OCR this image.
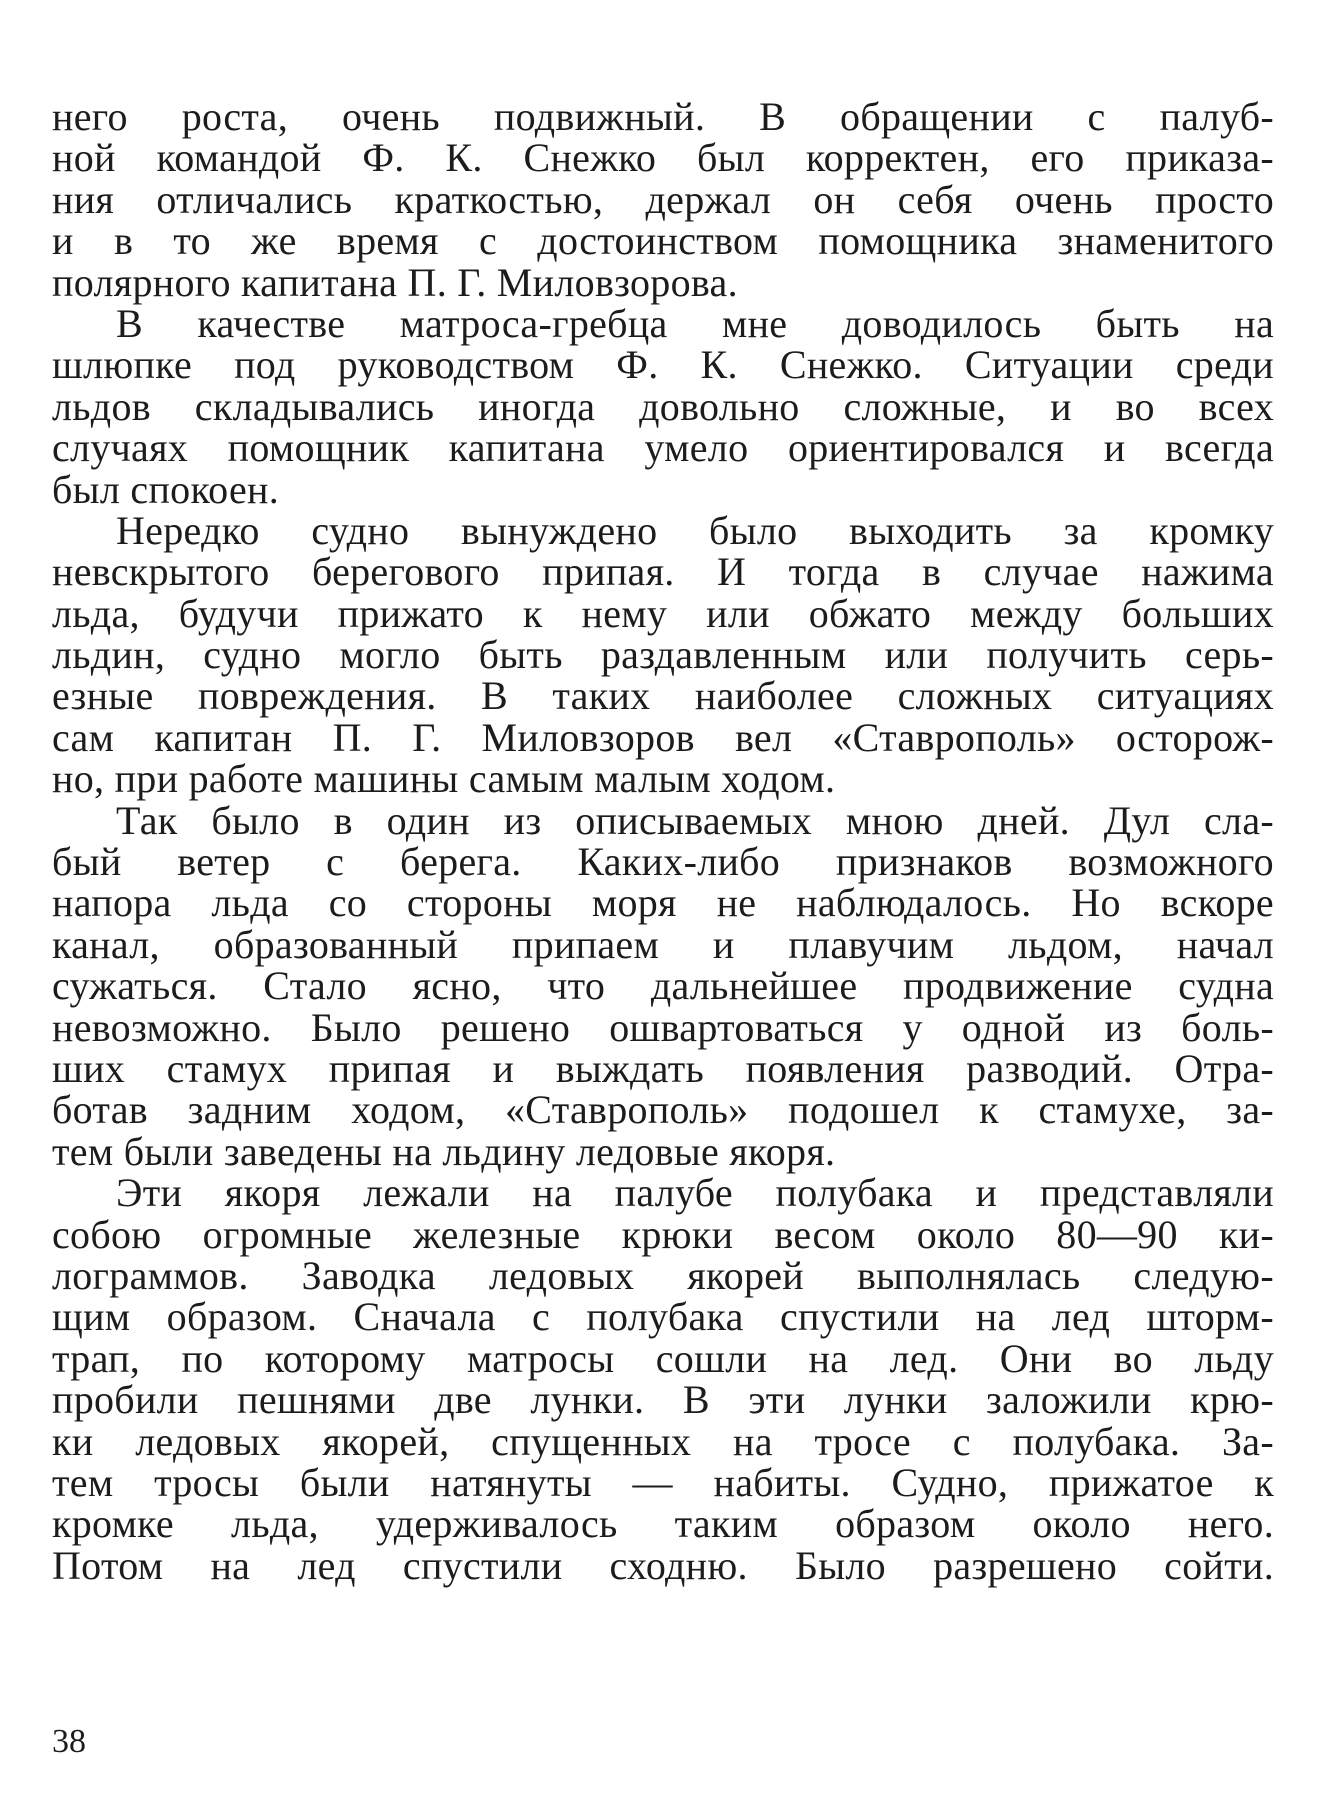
него роста, очень подвижный. В обращении с палуб-
ной командой Ф. К. Снежко был корректен, его приказа-
ния отличались краткостью, держал он себя очень просто
и в то же время с достоинством помощника знаменитого
полярного капитана П. Г. Миловзорова.
В качестве матроса-гребца мне доводилось быть на
шлюпке под руководством Ф. К. Снежко. Ситуации среди
льдов складывались иногда довольно сложные, и во всех
случаях помощник капитана умело ориентировался и всегда
был спокоен.
Нередко судно вынуждено было выходить за кромку
невскрытого берегового припая. И тогда в случае нажима
льда, будучи прижато к нему или обжато между больших
льдин, судно могло быть раздавленным или получить серь-
езные повреждения. В таких наиболее сложных ситуациях
сам капитан П. Г. Миловзоров вел «Ставрополь» осторож-
но, при работе машины самым малым ходом.
Так было в один из описываемых мною дней. Дул сла-
бый ветер с берега. Каких-либо признаков возможного
напора льда со стороны моря не наблюдалось. Но вскоре
канал, образованный припаем и плавучим льдом, начал
сужаться. Стало ясно, что дальнейшее продвижение судна
невозможно. Было решено ошвартоваться у одной из боль-
ших стамух припая и выждать появления разводий. Отра-
ботав задним ходом, «Ставрополь» подошел к стамухе, за-
тем были заведены на льдину ледовые якоря.
Эти якоря лежали на палубе полубака и представляли
собою огромные железные крюки весом около 80—90 ки-
лограммов. Заводка ледовых якорей выполнялась следую-
щим образом. Сначала с полубака спустили на лед шторм-
трап, по которому матросы сошли на лед. Они во льду
пробили пешнями две лунки. В эти лунки заложили крю-
ки ледовых якорей, спущенных на тросе с полубака. За-
тем тросы были натянуты — набиты. Судно, прижатое к
кромке льда, удерживалось таким образом около него.
Потом на лед спустили сходню. Было разрешено сойти.
38
